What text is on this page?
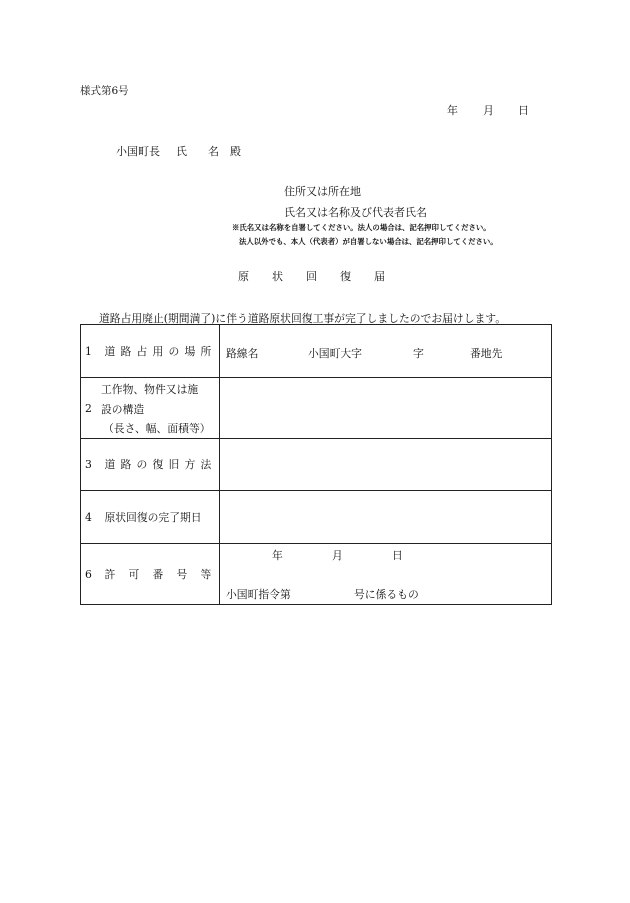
様式第6号
年 月 日
小国町長 氏 名 殿
住所又は所在地
氏名又は名称及び代表者氏名
※氏名又は名称を自署してください。法人の場合は、記名押印してください。
法人以外でも、本人（代表者）が自署しない場合は、記名押印してください。
原 状 回 復 届
道路占用廃止(期間満了)に伴う道路原状回復工事が完了しましたのでお届けします。
1 道 路 占 用 の 場 所	路線名 小国町大字 字 番地先

工作物、物件又は施
2 設の構造
（長さ、幅、面積等）	

3 道 路 の 復 旧 方 法	
4 原状回復の完了期日	
6 許 可 番 号 等	年 月 日
小国町指令第 号に係るもの
